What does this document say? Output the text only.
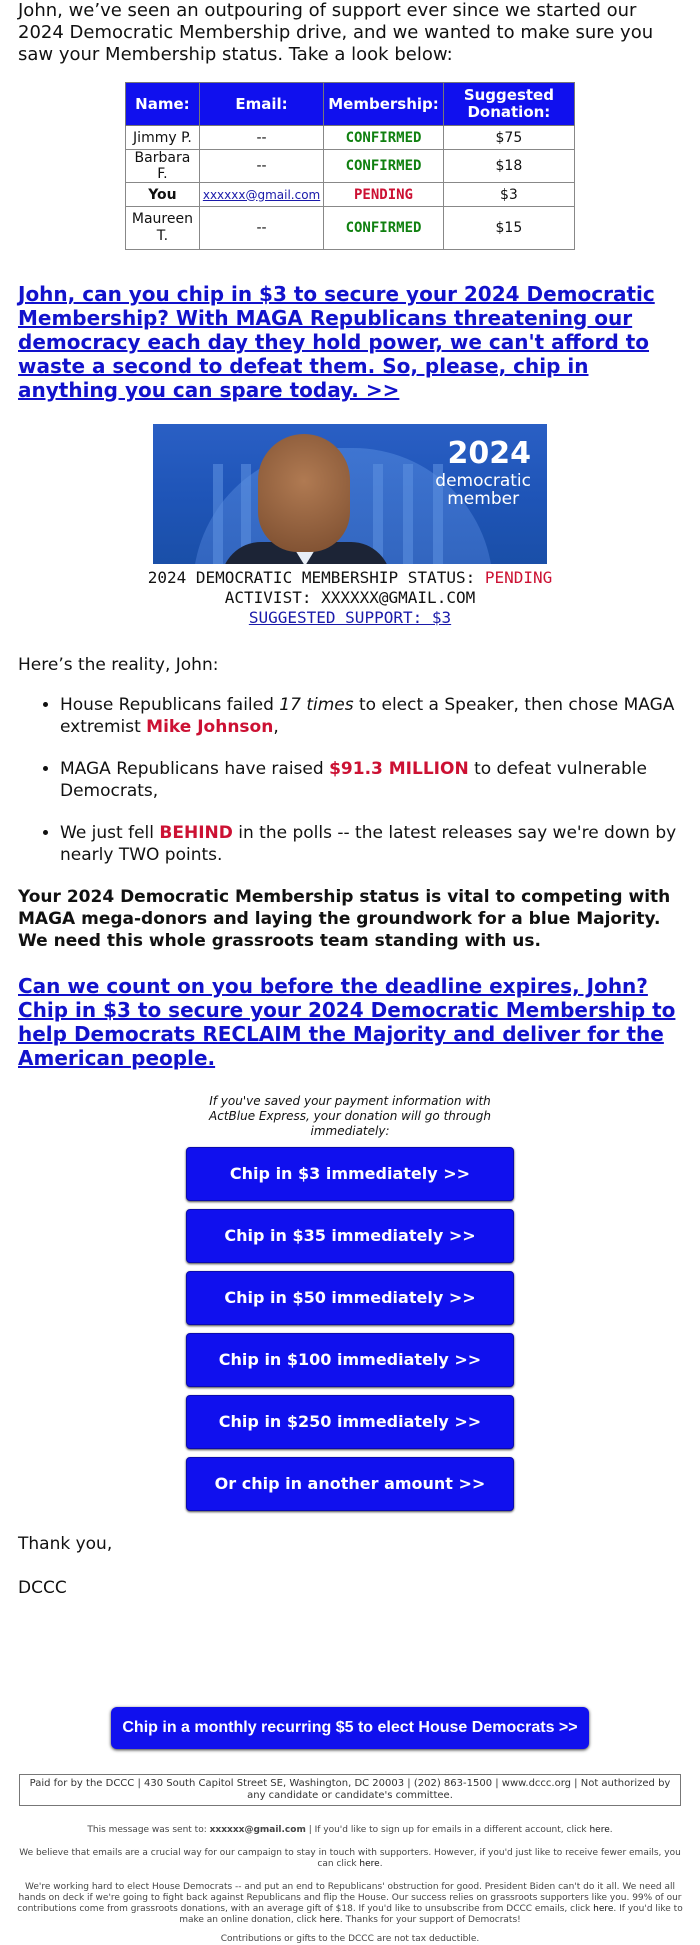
John, we’ve seen an outpouring of support ever since we started our 2024 Democratic Membership drive, and we wanted to make sure you saw your Membership status. Take a look below:

Name:	Email:	Membership:	Suggested Donation:
Jimmy P.	--	CONFIRMED	$75
Barbara F.	--	CONFIRMED	$18
You	xxxxxx@gmail.com	PENDING	$3
Maureen T.	--	CONFIRMED	$15
John, can you chip in $3 to secure your 2024 Democratic Membership? With MAGA Republicans threatening our democracy each day they hold power, we can't afford to waste a second to defeat them. So, please, chip in anything you can spare today. >>
2024
democratic
member
2024 DEMOCRATIC MEMBERSHIP STATUS: PENDING
ACTIVIST: XXXXXX@GMAIL.COM
SUGGESTED SUPPORT: $3
Here’s the reality, John:
• House Republicans failed 17 times to elect a Speaker, then chose MAGA extremist Mike Johnson,
• MAGA Republicans have raised $91.3 MILLION to defeat vulnerable Democrats,
• We just fell BEHIND in the polls -- the latest releases say we're down by nearly TWO points.
Your 2024 Democratic Membership status is vital to competing with MAGA mega-donors and laying the groundwork for a blue Majority. We need this whole grassroots team standing with us.
Can we count on you before the deadline expires, John? Chip in $3 to secure your 2024 Democratic Membership to help Democrats RECLAIM the Majority and deliver for the American people.
If you've saved your payment information with ActBlue Express, your donation will go through immediately:
Chip in $3 immediately >>
Chip in $35 immediately >>
Chip in $50 immediately >>
Chip in $100 immediately >>
Chip in $250 immediately >>
Or chip in another amount >>
Thank you,
DCCC
Chip in a monthly recurring $5 to elect House Democrats >>
Paid for by the DCCC | 430 South Capitol Street SE, Washington, DC 20003 | (202) 863-1500 | www.dccc.org | Not authorized by any candidate or candidate's committee.
This message was sent to: xxxxxx@gmail.com | If you'd like to sign up for emails in a different account, click here.
We believe that emails are a crucial way for our campaign to stay in touch with supporters. However, if you'd just like to receive fewer emails, you can click here.
We're working hard to elect House Democrats -- and put an end to Republicans' obstruction for good. President Biden can't do it all. We need all hands on deck if we're going to fight back against Republicans and flip the House. Our success relies on grassroots supporters like you. 99% of our contributions come from grassroots donations, with an average gift of $18. If you'd like to unsubscribe from DCCC emails, click here. If you'd like to make an online donation, click here. Thanks for your support of Democrats!
Contributions or gifts to the DCCC are not tax deductible.
